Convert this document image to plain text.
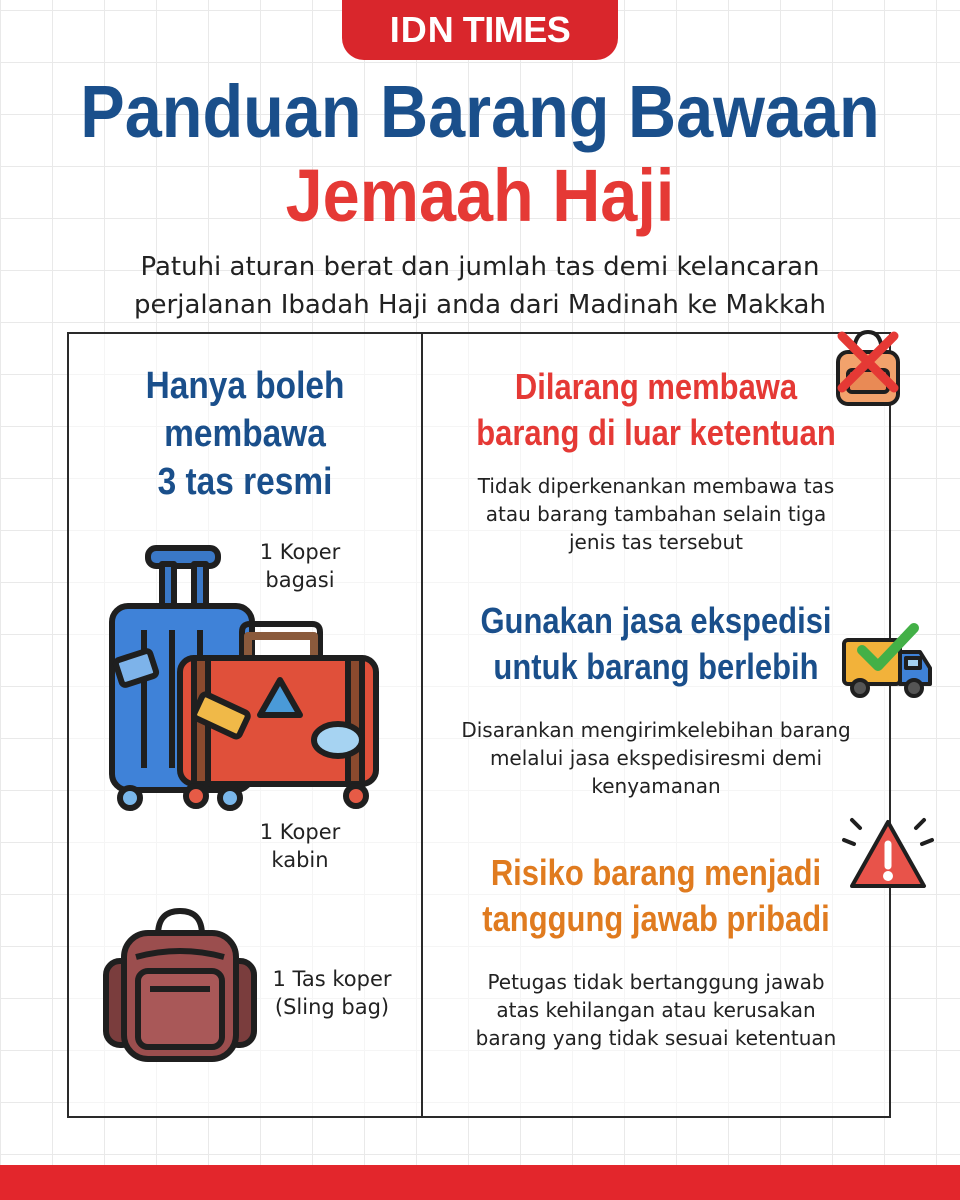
IDN TIMES
Panduan Barang Bawaan
Jemaah Haji
Patuhi aturan berat dan jumlah tas demi kelancaran
perjalanan Ibadah Haji anda dari Madinah ke Makkah
Hanya boleh
membawa
3 tas resmi
1 Koper
bagasi
1 Koper
kabin
1 Tas koper
(Sling bag)
Dilarang membawa
barang di luar ketentuan
Tidak diperkenankan membawa tas
atau barang tambahan selain tiga
jenis tas tersebut
Gunakan jasa ekspedisi
untuk barang berlebih
Disarankan mengirimkelebihan barang
melalui jasa ekspedisiresmi demi
kenyamanan
Risiko barang menjadi
tanggung jawab pribadi
Petugas tidak bertanggung jawab
atas kehilangan atau kerusakan
barang yang tidak sesuai ketentuan
